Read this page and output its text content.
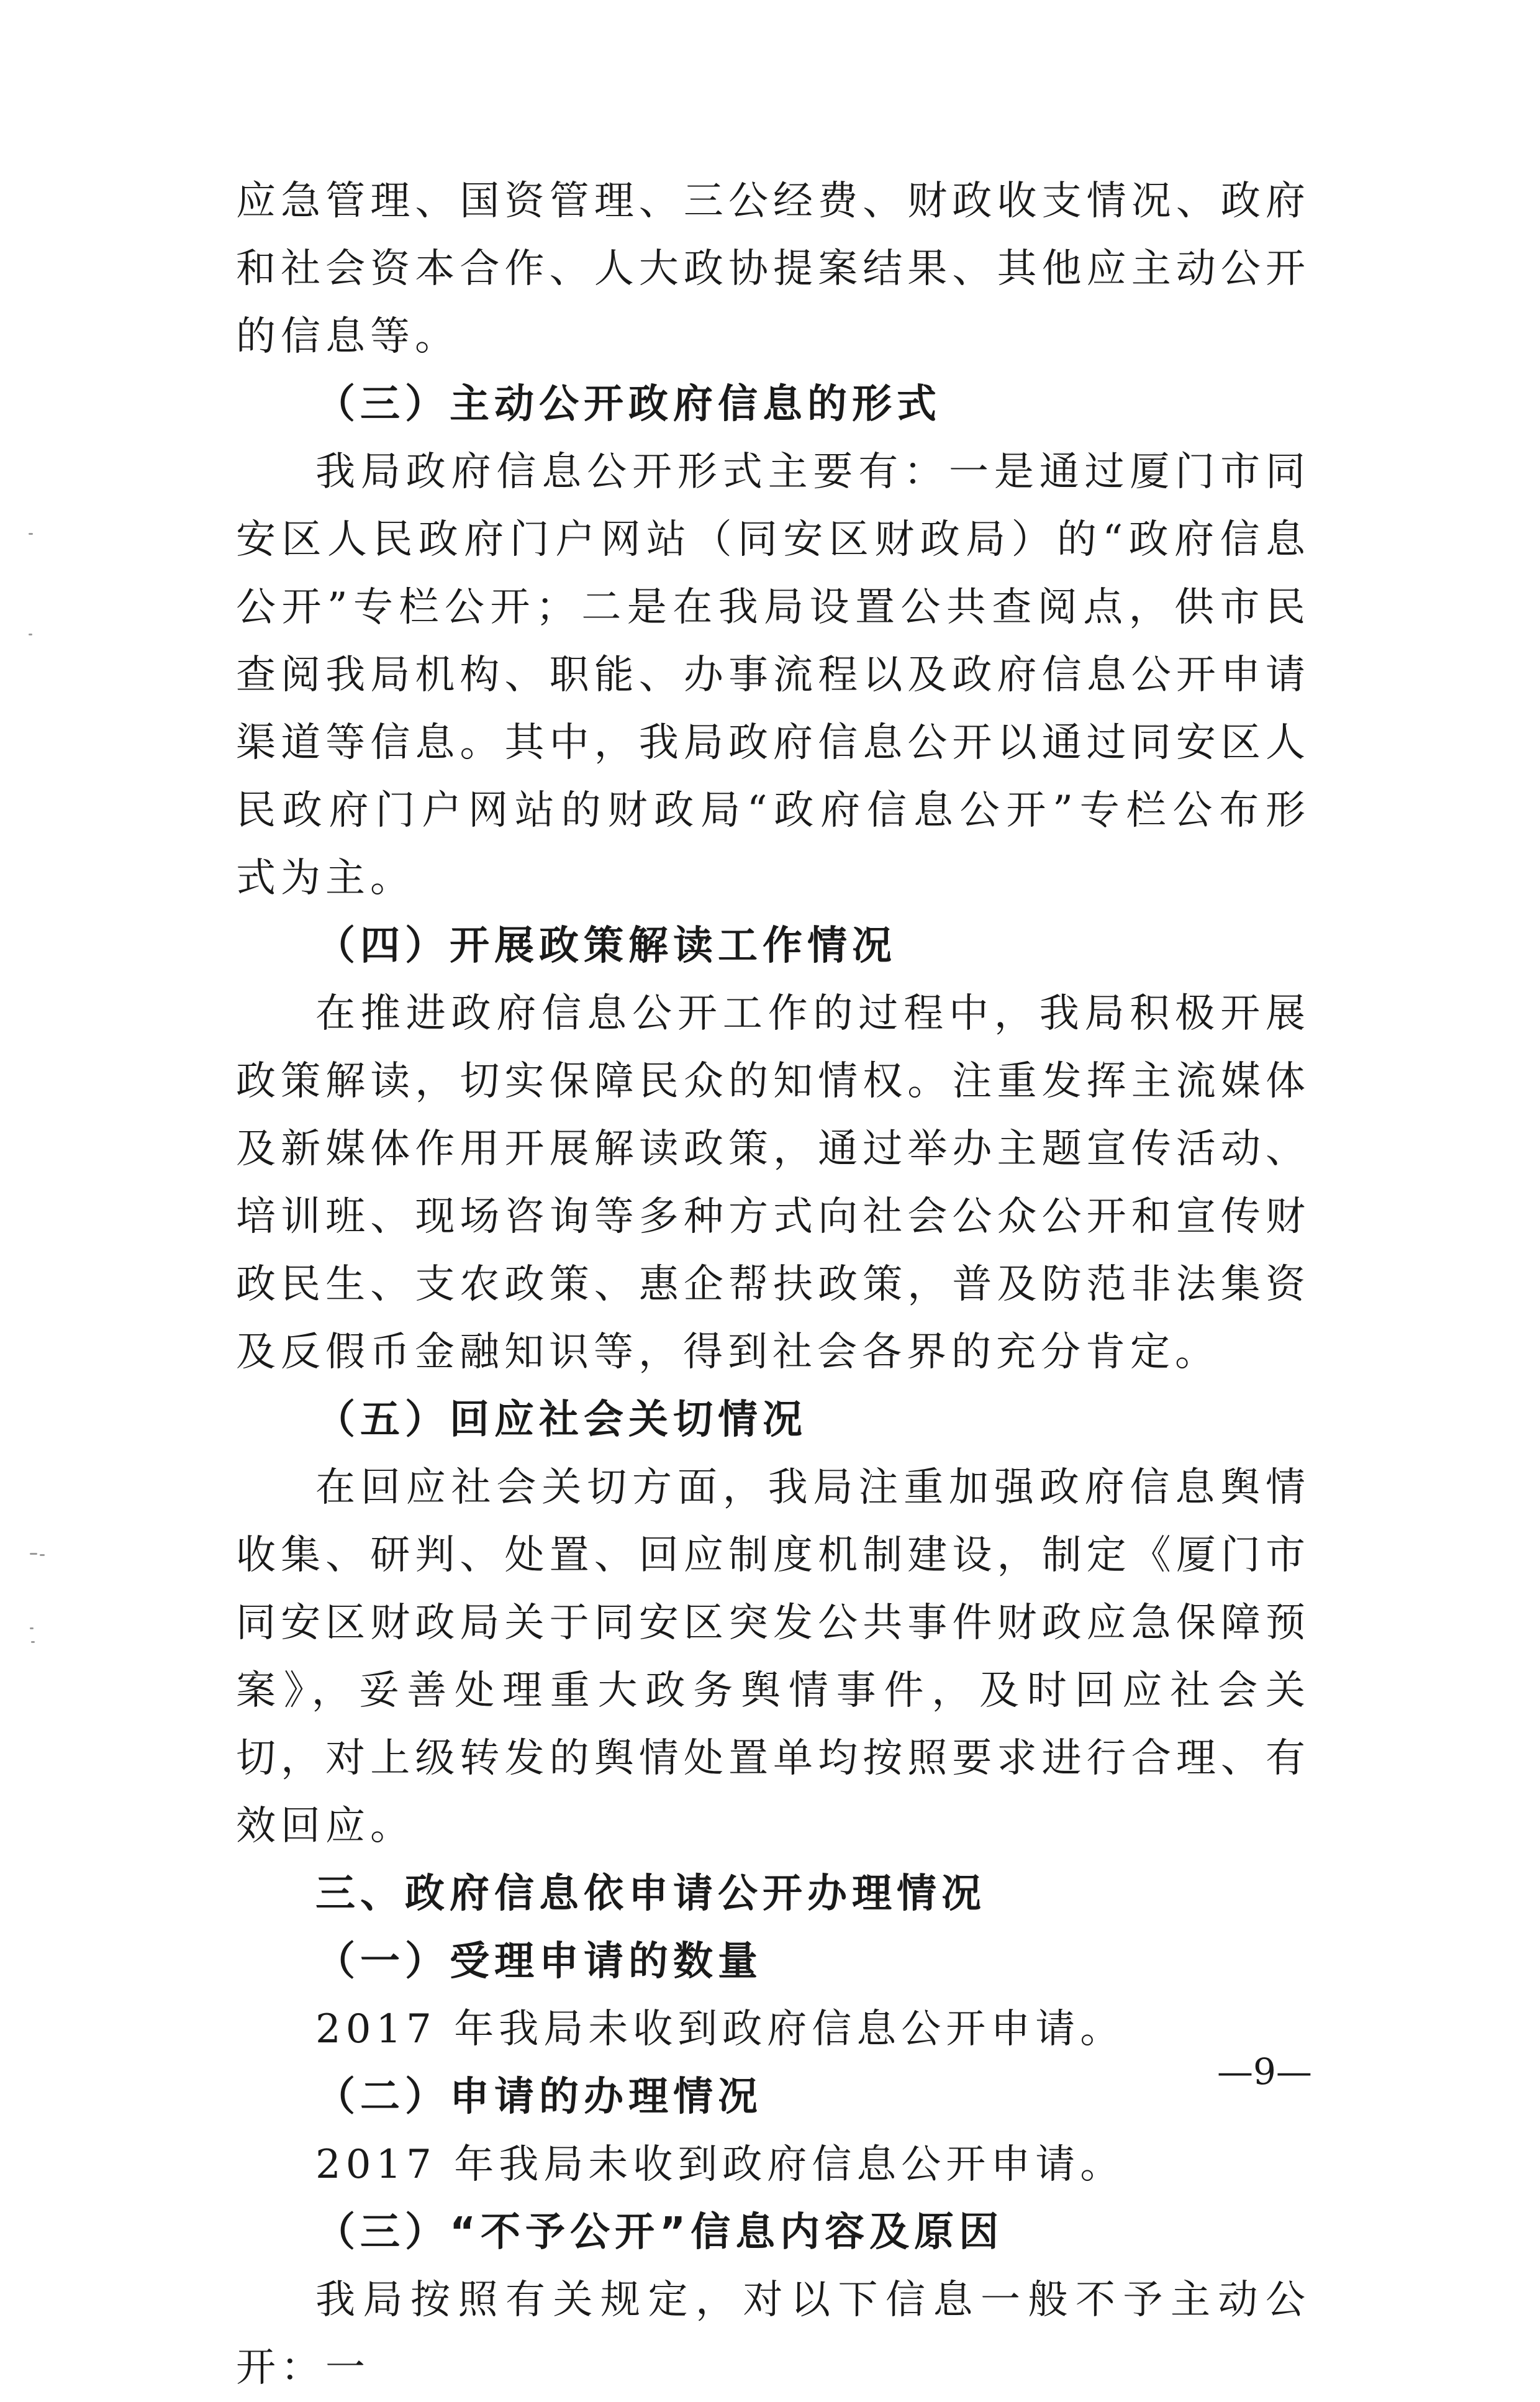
应急管理、国资管理、三公经费、财政收支情况、政府和社会资本合作、人大政协提案结果、其他应主动公开的信息等。

（三）主动公开政府信息的形式

我局政府信息公开形式主要有：一是通过厦门市同安区人民政府门户网站（同安区财政局）的“政府信息公开”专栏公开；二是在我局设置公共查阅点，供市民查阅我局机构、职能、办事流程以及政府信息公开申请渠道等信息。其中，我局政府信息公开以通过同安区人民政府门户网站的财政局“政府信息公开”专栏公布形式为主。

（四）开展政策解读工作情况

在推进政府信息公开工作的过程中，我局积极开展政策解读，切实保障民众的知情权。注重发挥主流媒体及新媒体作用开展解读政策，通过举办主题宣传活动、培训班、现场咨询等多种方式向社会公众公开和宣传财政民生、支农政策、惠企帮扶政策，普及防范非法集资及反假币金融知识等，得到社会各界的充分肯定。

（五）回应社会关切情况

在回应社会关切方面，我局注重加强政府信息舆情收集、研判、处置、回应制度机制建设，制定《厦门市同安区财政局关于同安区突发公共事件财政应急保障预案》，妥善处理重大政务舆情事件，及时回应社会关切，对上级转发的舆情处置单均按照要求进行合理、有效回应。

三、政府信息依申请公开办理情况
（一）受理申请的数量

2017 年我局未收到政府信息公开申请。

（二）申请的办理情况

2017 年我局未收到政府信息公开申请。

（三）“不予公开”信息内容及原因

我局按照有关规定，对以下信息一般不予主动公开：一

—9—
